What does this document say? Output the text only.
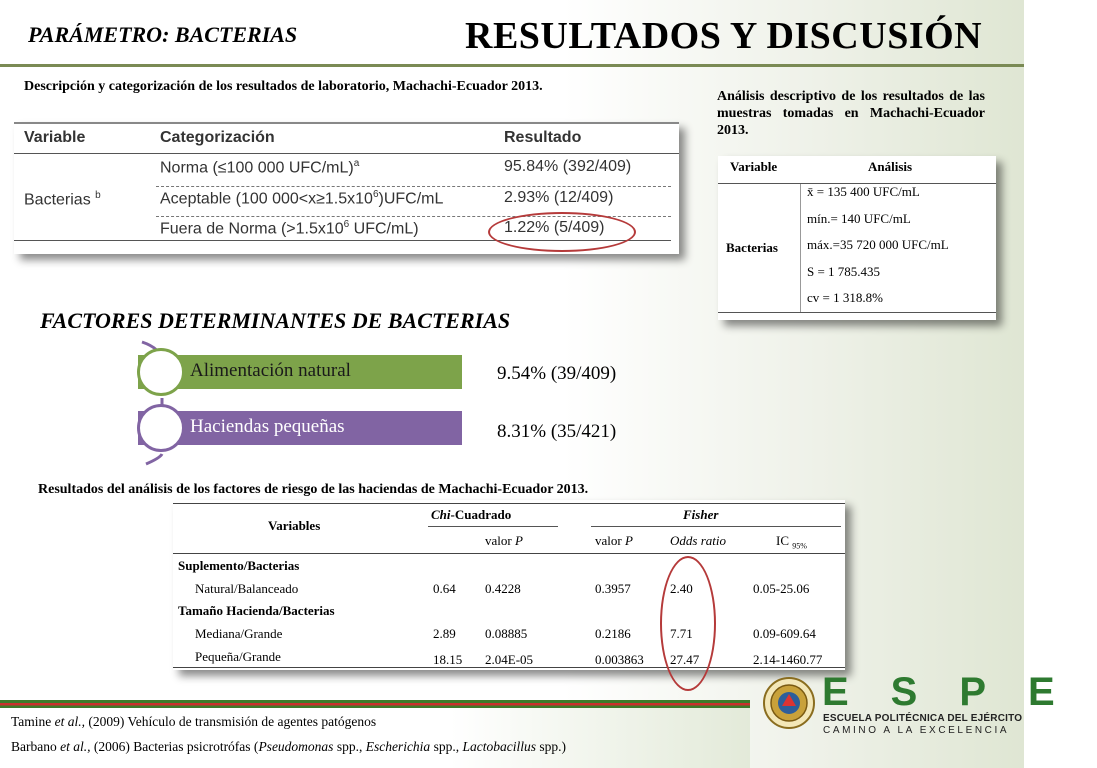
PARÁMETRO: BACTERIAS	RESULTADOS Y DISCUSIÓN
Descripción y categorización de los resultados de laboratorio, Machachi-Ecuador 2013.
Variable	Categorización	Resultado
Bacterias $^b$
Norma (≤100 000 UFC/mL)$^a$	95.84% (392/409)
Aceptable (100 $000<x\ge 1.5x10^6)UFC/mL$	2.93% (12/409)
Fuera de Norma ($>1.5x10^6$ UFC/mL)	1.22% (5/409)
Análisis descriptivo de los resultados de las muestras tomadas en Machachi-Ecuador 2013.
Variable	Análisis
Bacterias
x̄ = 135 400 UFC/mL
mín.= 140 UFC/mL
máx.=35 720 000 UFC/mL
S = 1 785.435
cv = 1 318.8%
FACTORES DETERMINANTES DE BACTERIAS
Alimentación natural
Haciendas pequeñas
9.54% (39/409)
8.31% (35/421)
Resultados del análisis de los factores de riesgo de las haciendas de Machachi-Ecuador 2013.
Variables
Chi-Cuadrado	Fisher
valor P	valor P	Odds ratio	IC $_{95\%}$
Suplemento/Bacterias
Natural/Balanceado	0.64 0.4228	0.3957	2.40	0.05-25.06
Tamaño Hacienda/Bacterias
Mediana/Grande	2.89 0.08885	0.2186	7.71	0.09-609.64
Pequeña/Grande	18.15 2.04E-05	0.003863 27.47	2.14-1460.77
Tamine et al., (2009) Vehículo de transmisión de agentes patógenos
Barbano et al., (2006) Bacterias psicrotrófas (Pseudomonas spp., Escherichia spp., Lactobacillus spp.)
ESPE
ESCUELA POLITÉCNICA DEL EJÉRCITO
CAMINO A LA EXCELENCIA
